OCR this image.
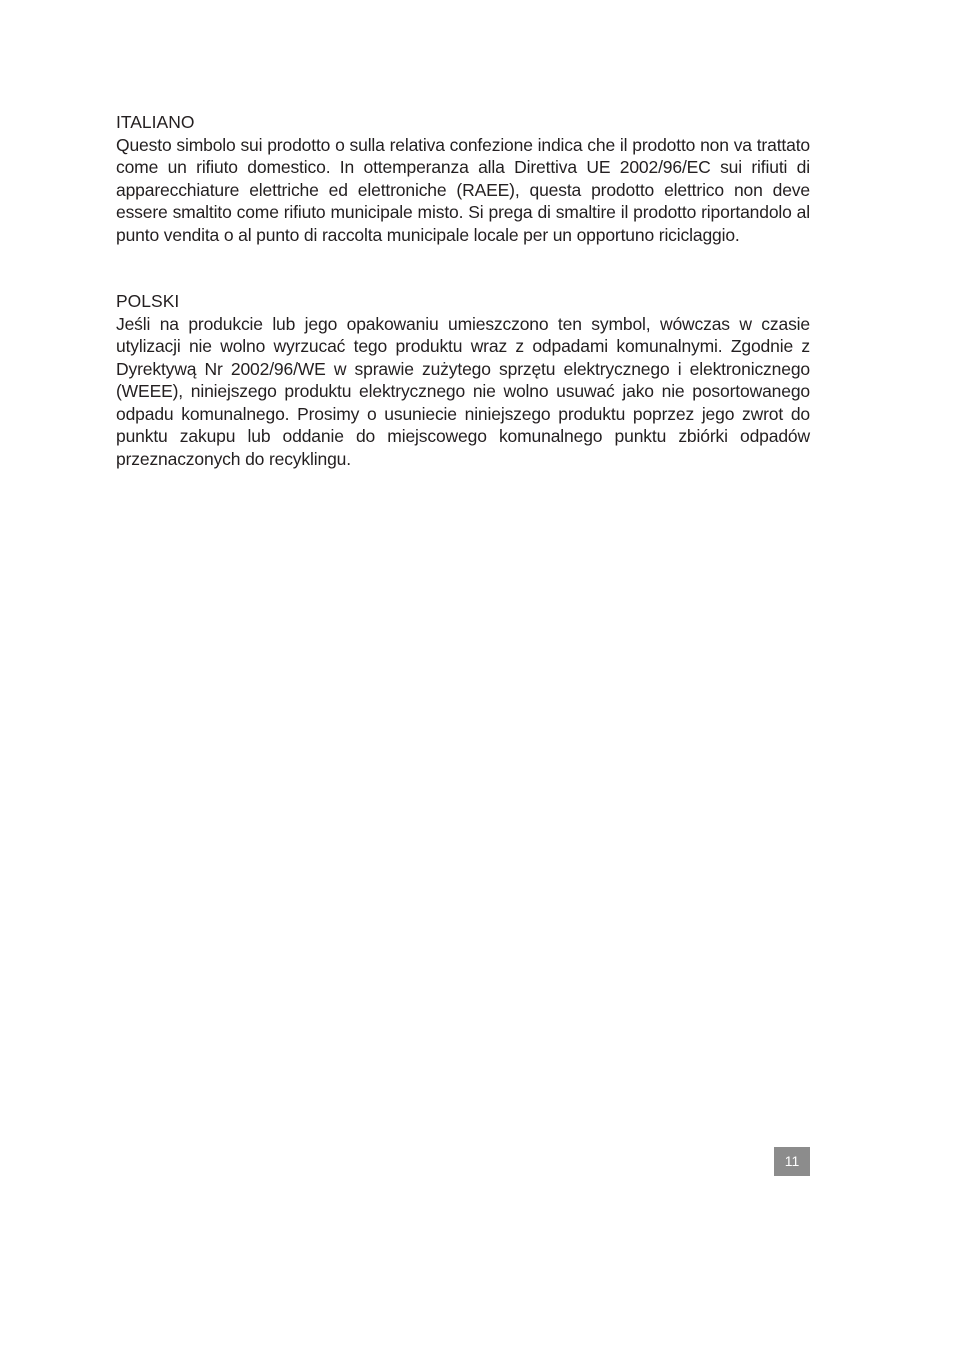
ITALIANO

Questo simbolo sui prodotto o sulla relativa confezione indica che il prodotto non va trattato come un rifiuto domestico. In ottemperanza alla Direttiva UE 2002/96/EC sui rifiuti di apparecchiature elettriche ed elettroniche (RAEE), questa prodotto elettrico non deve essere smaltito come rifiuto municipale misto. Si prega di smaltire il prodotto riportandolo al punto vendita o al punto di raccolta municipale locale per un opportuno riciclaggio.

POLSKI

Jeśli na produkcie lub jego opakowaniu umieszczono ten symbol, wówczas w czasie utylizacji nie wolno wyrzucać tego produktu wraz z odpadami komunalnymi. Zgodnie z Dyrektywą Nr 2002/96/WE w sprawie zużytego sprzętu elektrycznego i elektronicznego (WEEE), niniejszego produktu elektrycznego nie wolno usuwać jako nie posortowanego odpadu komunalnego. Prosimy o usuniecie niniejszego produktu poprzez jego zwrot do punktu zakupu lub oddanie do miejscowego komunalnego punktu zbiórki odpadów przeznaczonych do recyklingu.

11
